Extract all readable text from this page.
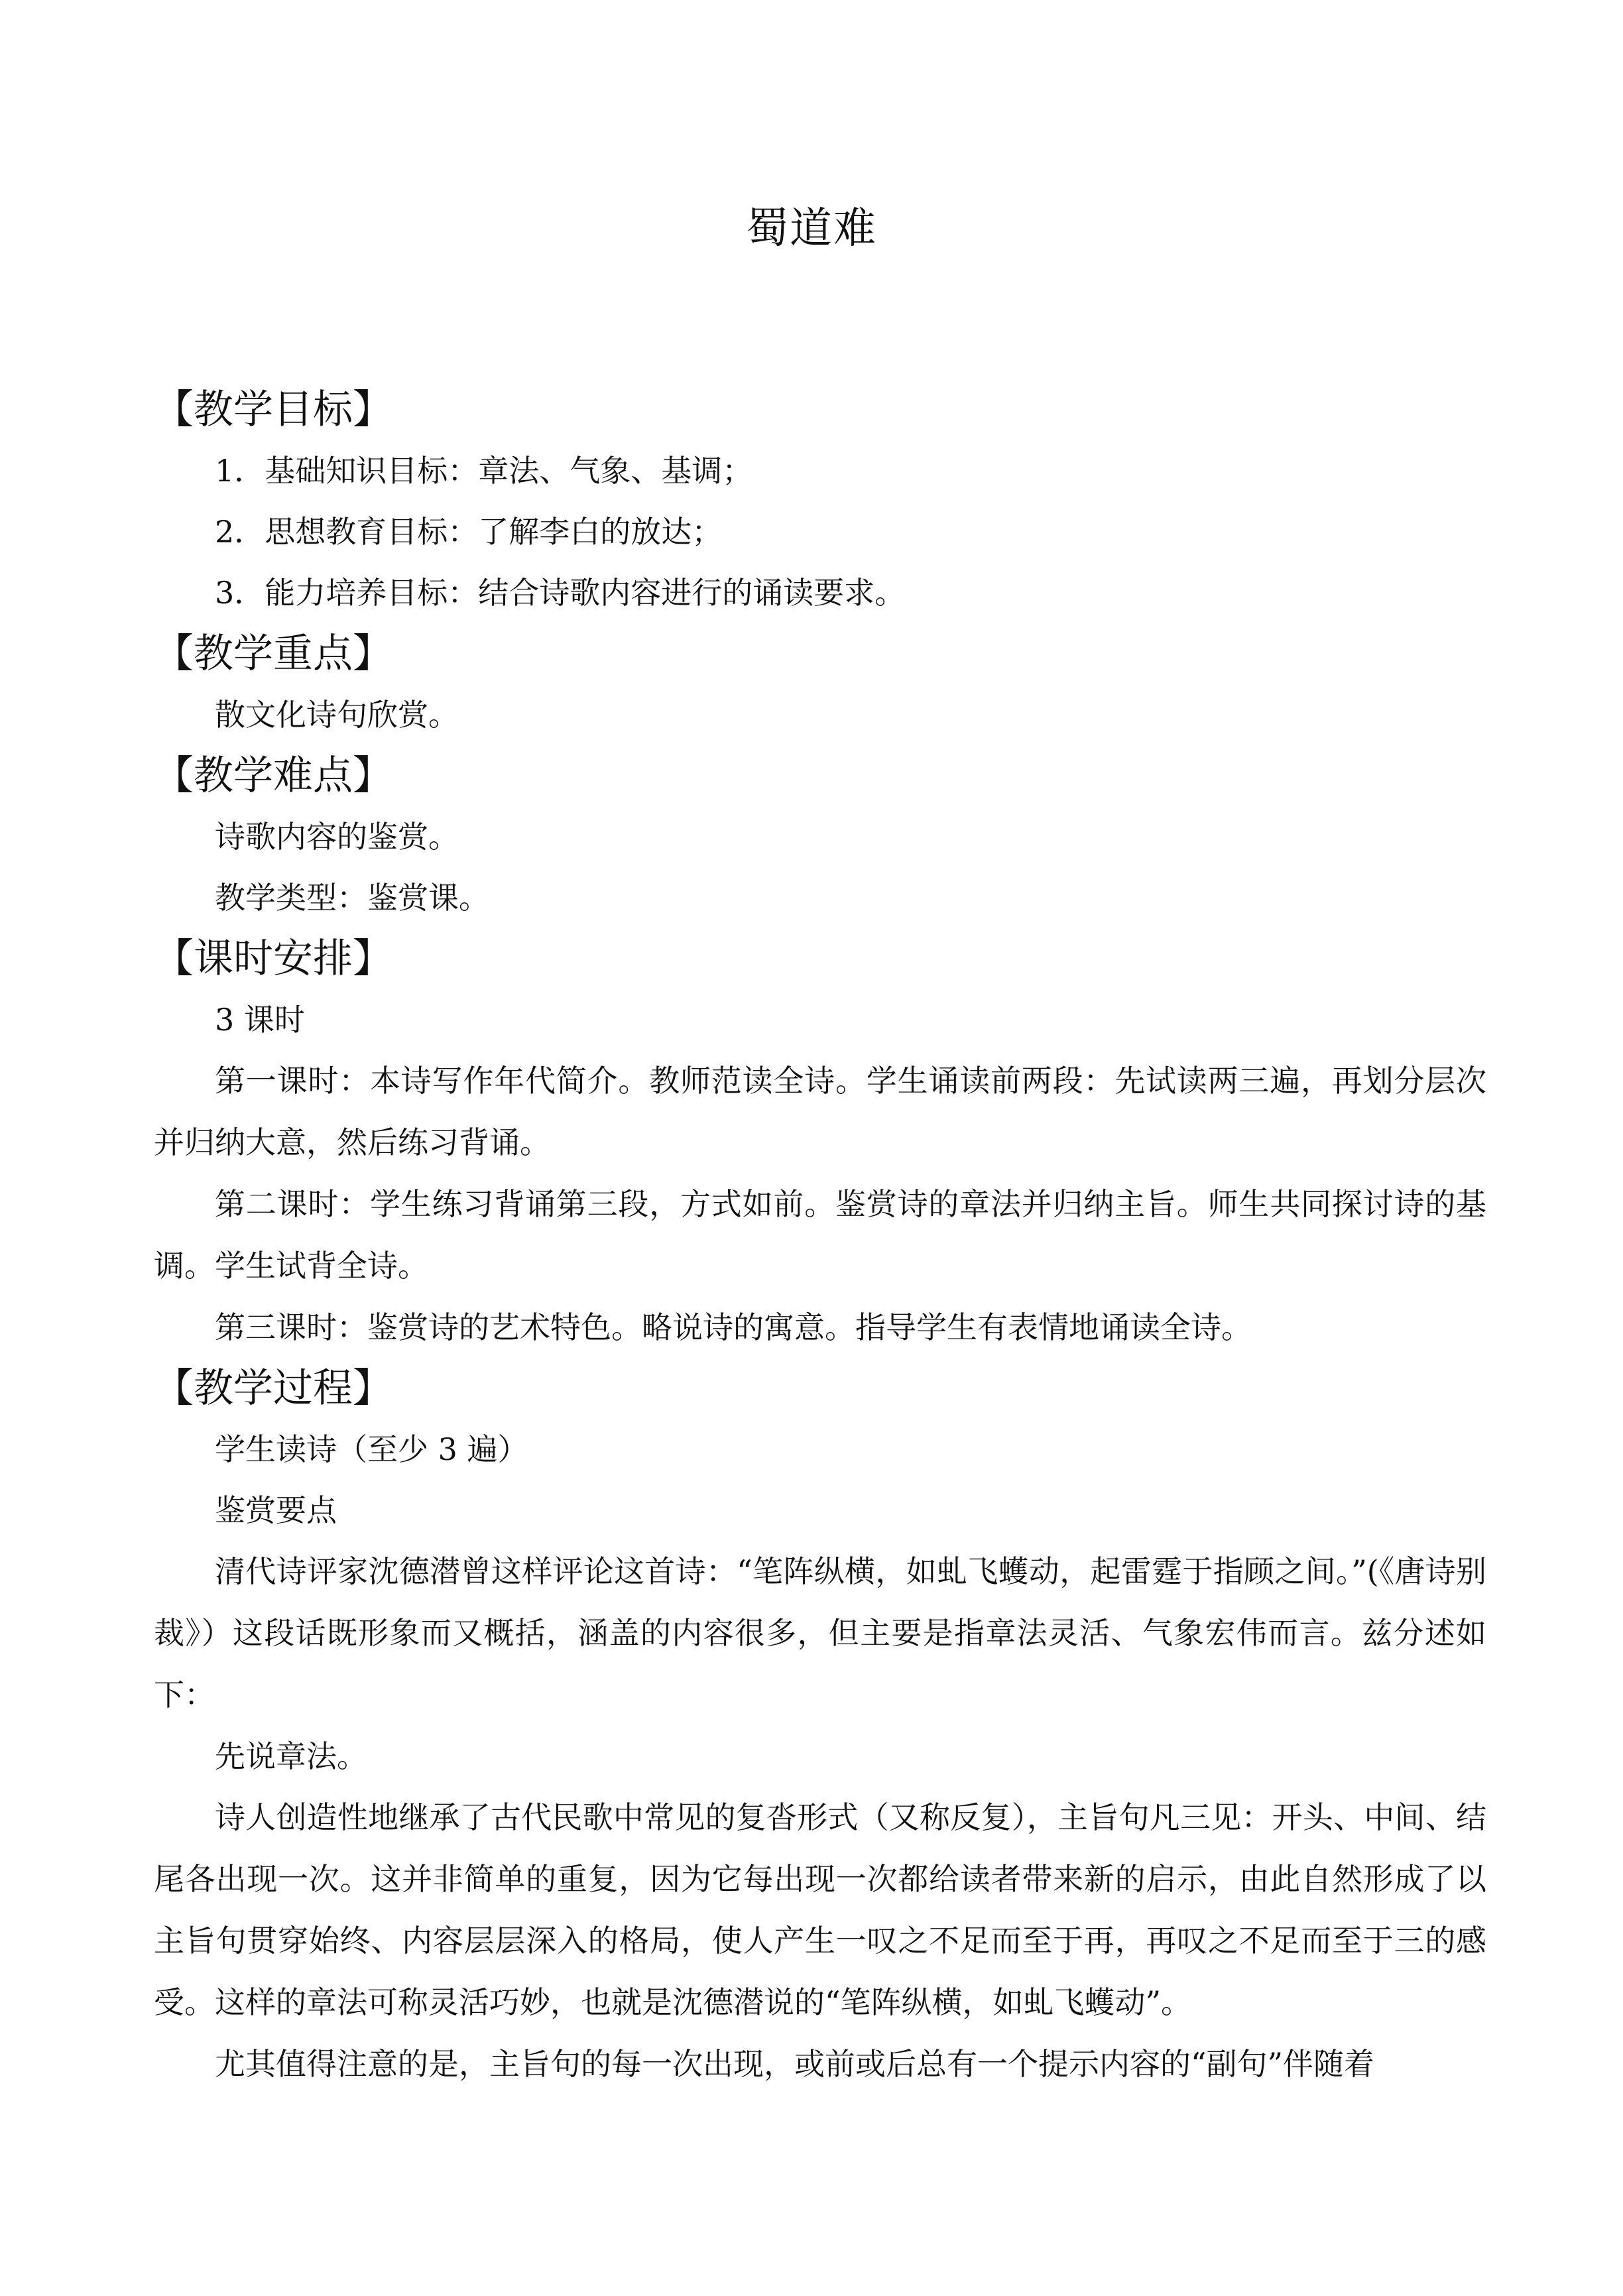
蜀道难

【教学目标】

1．基础知识目标：章法、气象、基调；

2．思想教育目标：了解李白的放达；

3．能力培养目标：结合诗歌内容进行的诵读要求。

【教学重点】

散文化诗句欣赏。

【教学难点】

诗歌内容的鉴赏。

教学类型：鉴赏课。

【课时安排】

3 课时

第一课时：本诗写作年代简介。教师范读全诗。学生诵读前两段：先试读两三遍，再划分层次并归纳大意，然后练习背诵。

第二课时：学生练习背诵第三段，方式如前。鉴赏诗的章法并归纳主旨。师生共同探讨诗的基调。学生试背全诗。

第三课时：鉴赏诗的艺术特色。略说诗的寓意。指导学生有表情地诵读全诗。

【教学过程】

学生读诗（至少 3 遍）

鉴赏要点

清代诗评家沈德潜曾这样评论这首诗：“笔阵纵横，如虬飞蠖动，起雷霆于指顾之间。”(《唐诗别裁》）这段话既形象而又概括，涵盖的内容很多，但主要是指章法灵活、气象宏伟而言。兹分述如下：

先说章法。

诗人创造性地继承了古代民歌中常见的复沓形式（又称反复），主旨句凡三见：开头、中间、结尾各出现一次。这并非简单的重复，因为它每出现一次都给读者带来新的启示，由此自然形成了以主旨句贯穿始终、内容层层深入的格局，使人产生一叹之不足而至于再，再叹之不足而至于三的感受。这样的章法可称灵活巧妙，也就是沈德潜说的“笔阵纵横，如虬飞蠖动”。

尤其值得注意的是，主旨句的每一次出现，或前或后总有一个提示内容的“副句”伴随着
